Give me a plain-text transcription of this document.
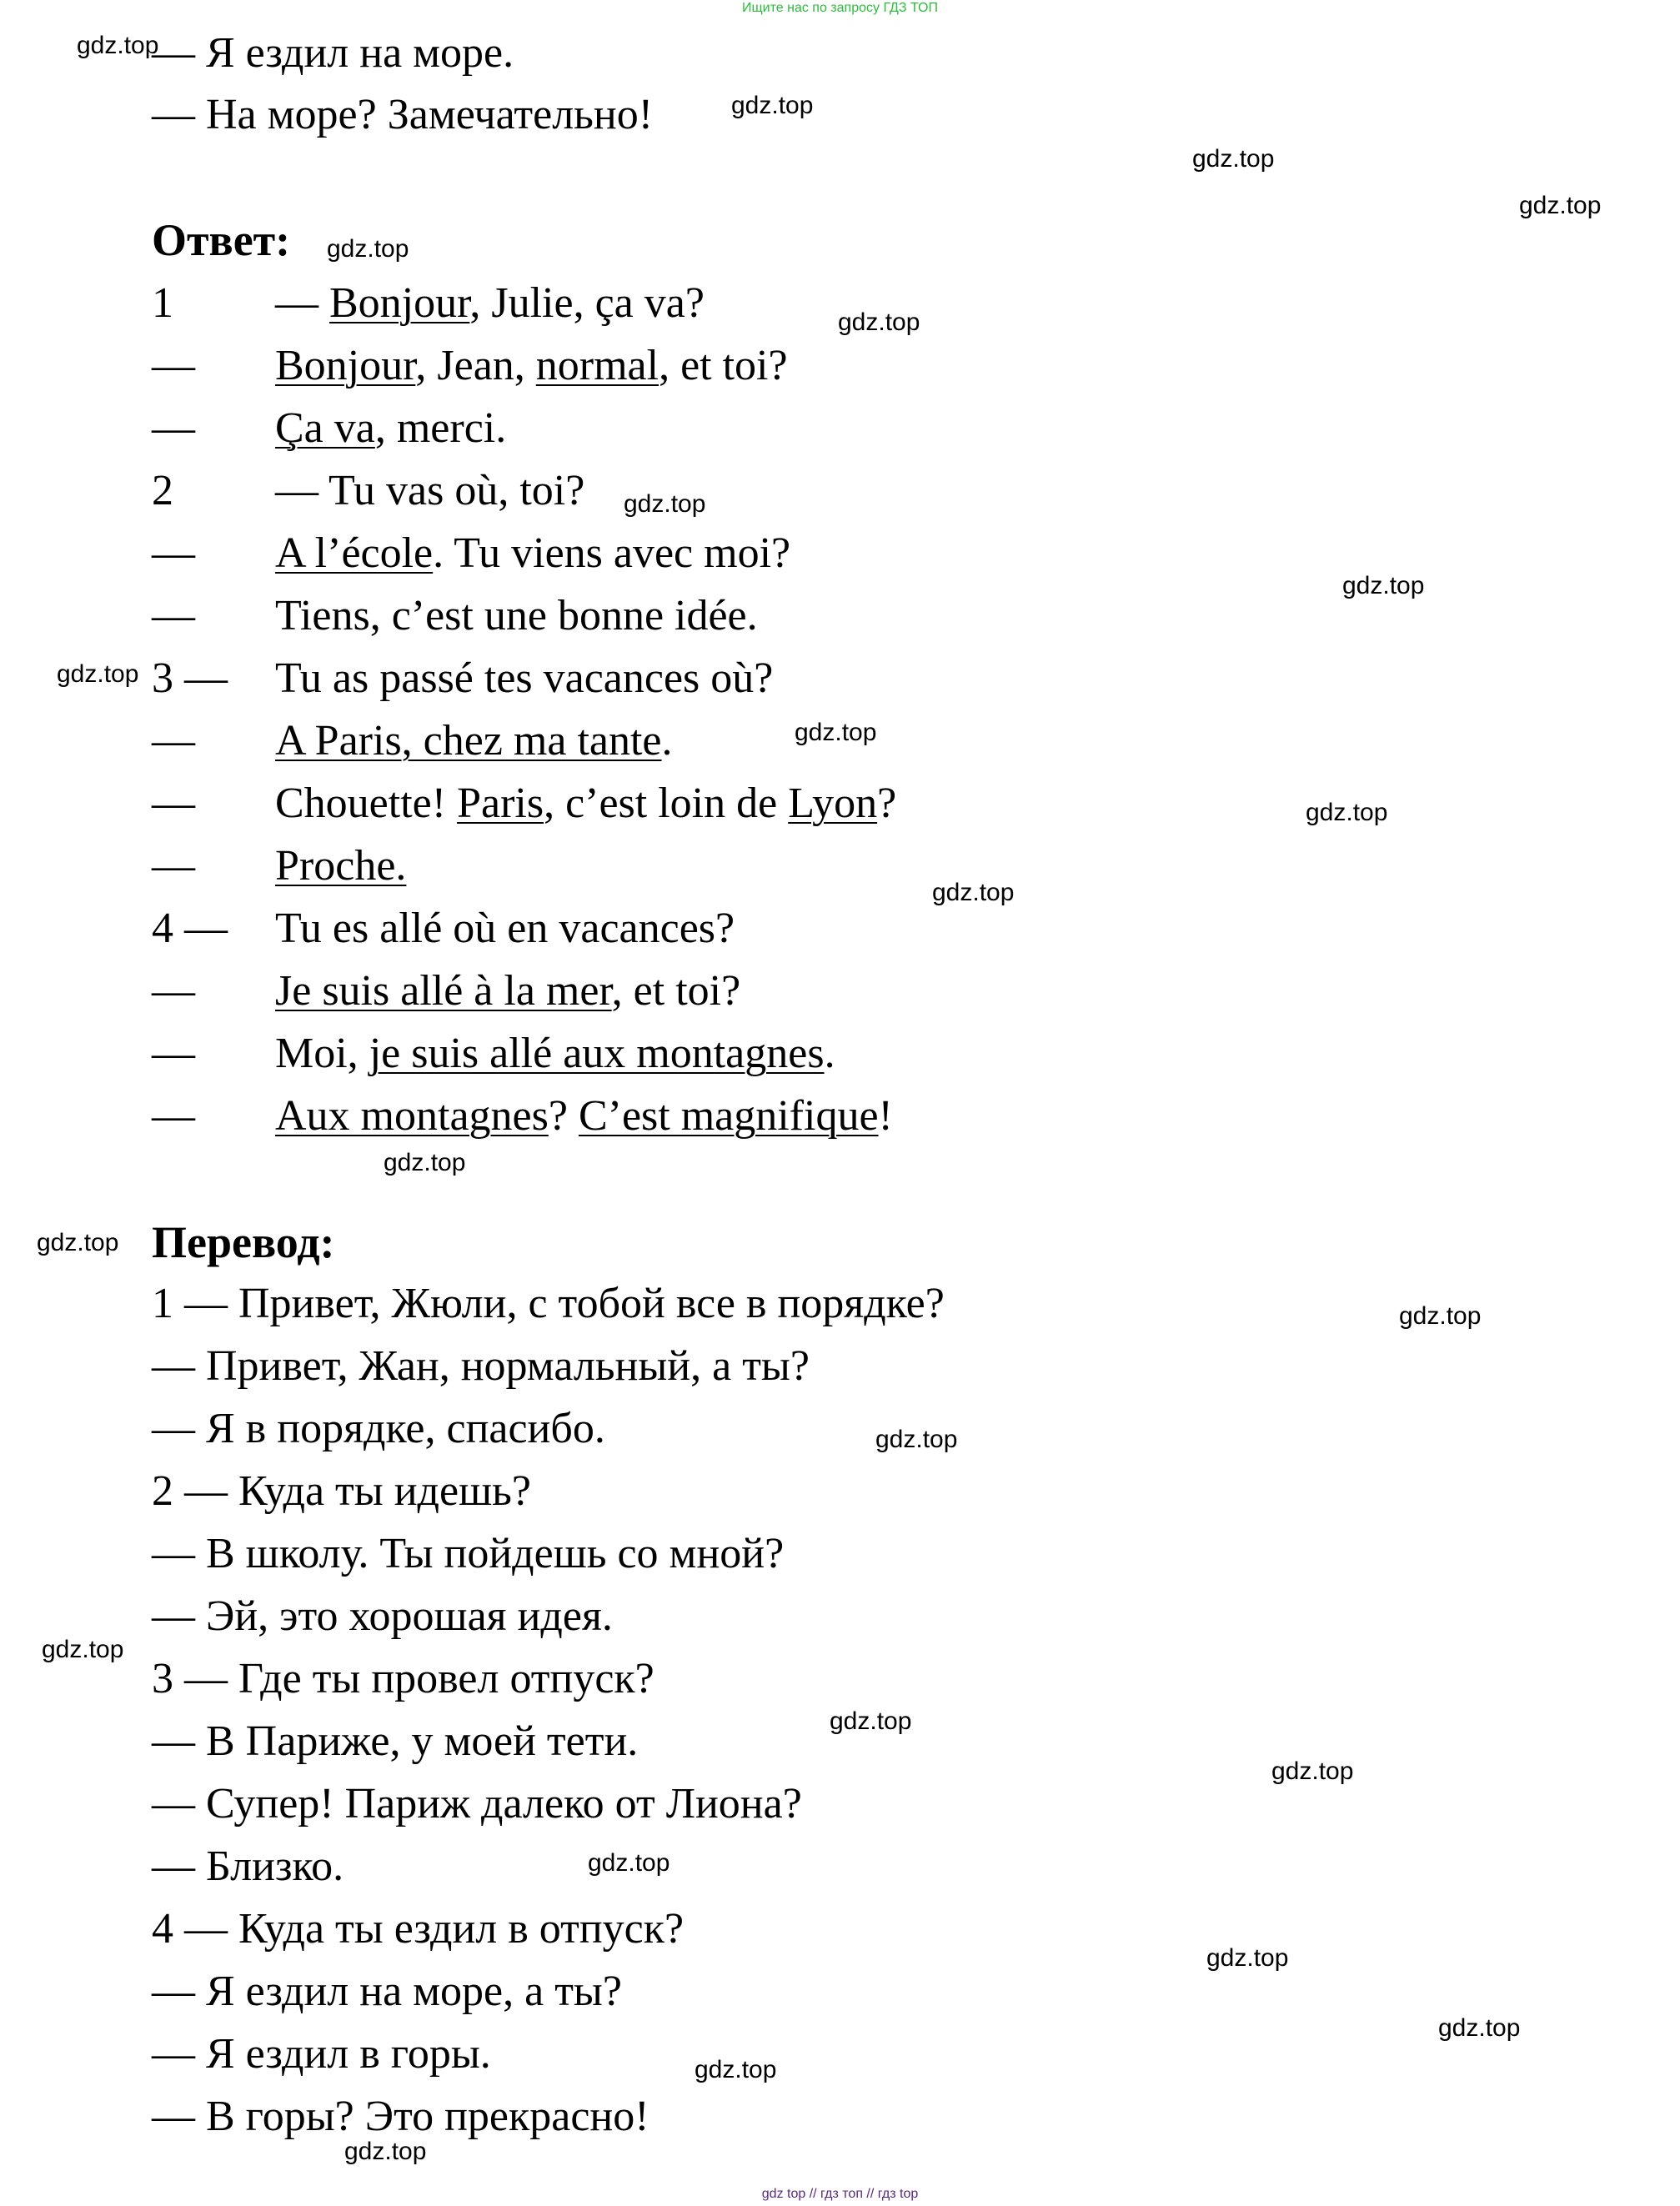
Ищите нас по запросу ГДЗ ТОП
— Я ездил на море.
— На море? Замечательно!
Ответ:
1 — Bonjour, Julie, ça va?
— Bonjour, Jean, normal, et toi?
— Ça va, merci.
2 — Tu vas où, toi?
— A l’école. Tu viens avec moi?
— Tiens, c’est une bonne idée.
3 — Tu as passé tes vacances où?
— A Paris, chez ma tante.
— Chouette! Paris, c’est loin de Lyon?
— Proche.
4 — Tu es allé où en vacances?
— Je suis allé à la mer, et toi?
— Moi, je suis allé aux montagnes.
— Aux montagnes? C’est magnifique!
Перевод:
1 — Привет, Жюли, с тобой все в порядке?
— Привет, Жан, нормальный, а ты?
— Я в порядке, спасибо.
2 — Куда ты идешь?
— В школу. Ты пойдешь со мной?
— Эй, это хорошая идея.
3 — Где ты провел отпуск?
— В Париже, у моей тети.
— Супер! Париж далеко от Лиона?
— Близко.
4 — Куда ты ездил в отпуск?
— Я ездил на море, а ты?
— Я ездил в горы.
— В горы? Это прекрасно!
gdz.top
gdz.top
gdz.top
gdz.top
gdz.top
gdz.top
gdz.top
gdz.top
gdz.top
gdz.top
gdz.top
gdz.top
gdz.top
gdz.top
gdz.top
gdz.top
gdz.top
gdz.top
gdz.top
gdz.top
gdz.top
gdz.top
gdz.top
gdz.top
gdz top // гдз топ // гдз top
